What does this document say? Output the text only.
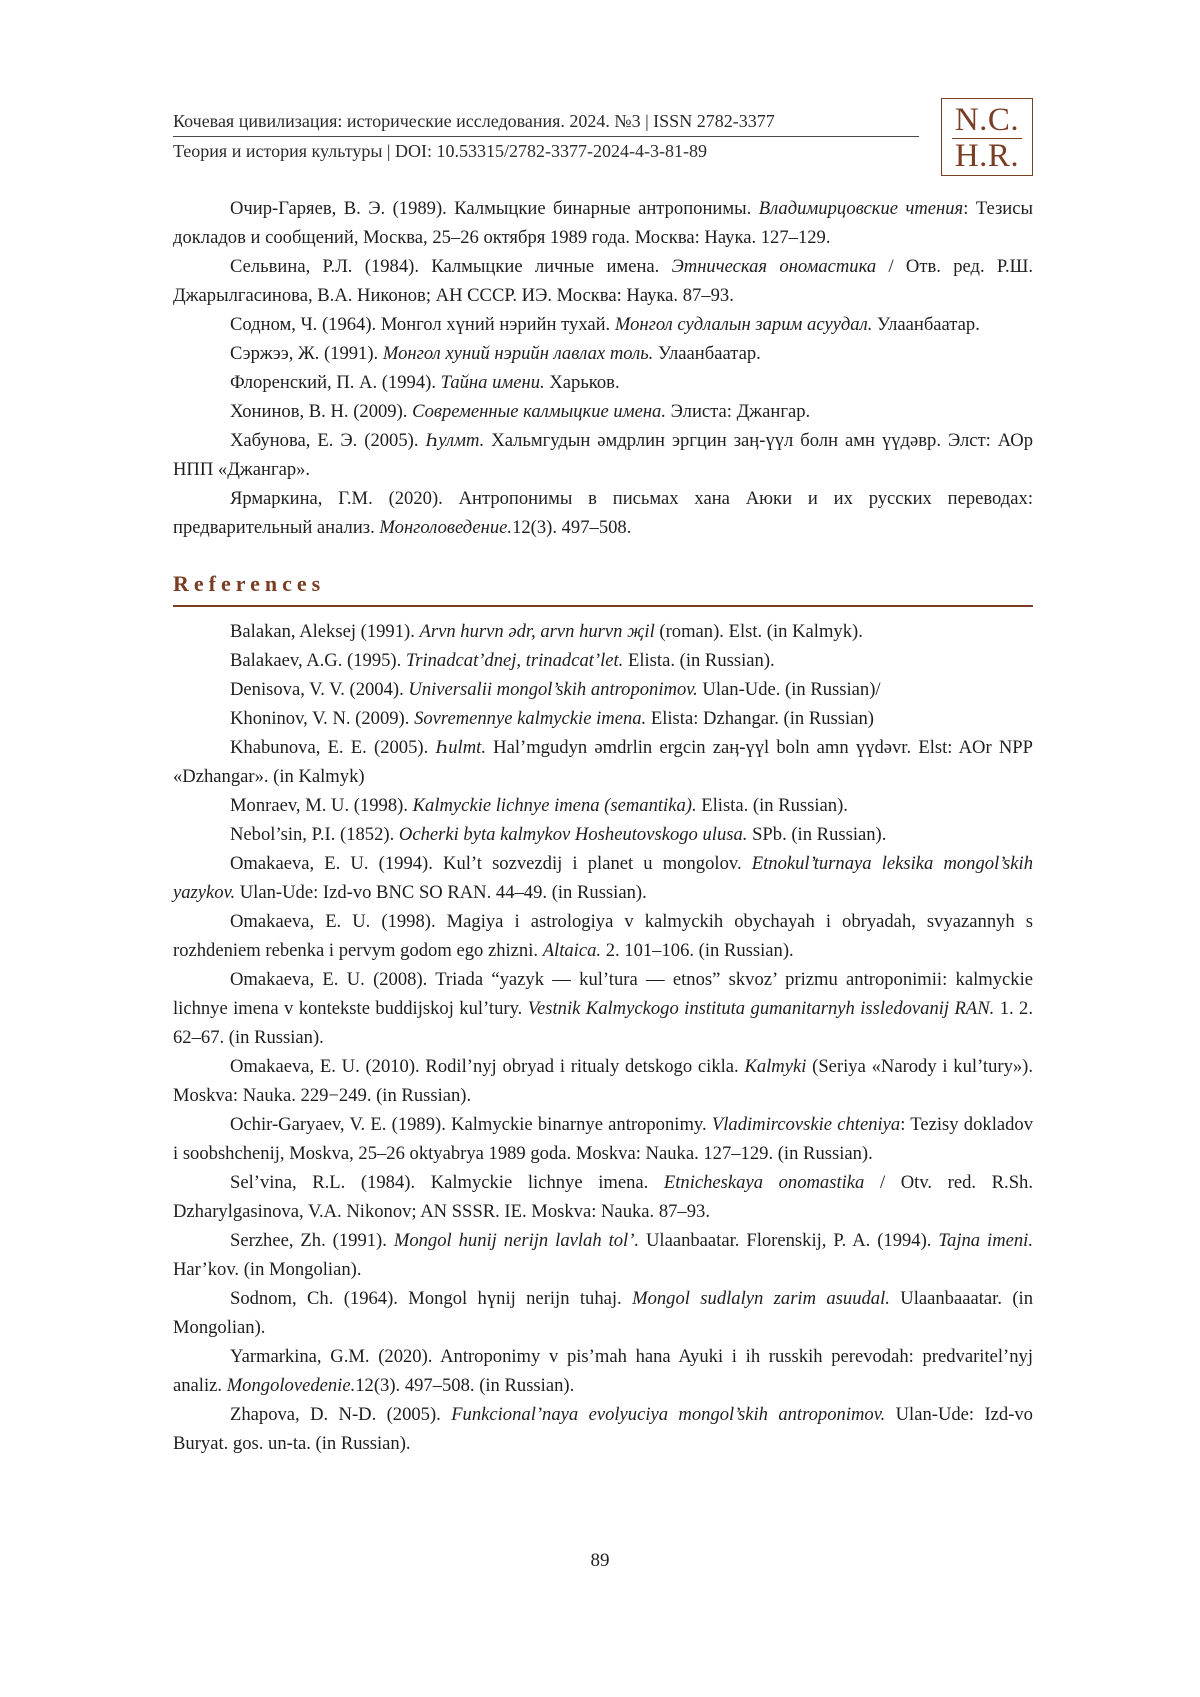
Кочевая цивилизация: исторические исследования. 2024. №3 | ISSN 2782-3377
Теория и история культуры | DOI: 10.53315/2782-3377-2024-4-3-81-89
N.C.
H.R.

Очир-Гаряев, В. Э. (1989). Калмыцкие бинарные антропонимы. Владимирцовские чтения: Тезисы докладов и сообщений, Москва, 25–26 октября 1989 года. Москва: Наука. 127–129.

Сельвина, Р.Л. (1984). Калмыцкие личные имена. Этническая ономастика / Отв. ред. Р.Ш. Джарылгасинова, В.А. Никонов; АН СССР. ИЭ. Москва: Наука. 87–93.

Содном, Ч. (1964). Монгол хүний нэрийн тухай. Монгол судлалын зарим асуудал. Улаанбаатар.

Сэржээ, Ж. (1991). Монгол хуний нэрийн лавлах толь. Улаанбаатар.

Флоренский, П. А. (1994). Тайна имени. Харьков.

Хонинов, В. Н. (2009). Современные калмыцкие имена. Элиста: Джангар.

Хабунова, Е. Э. (2005). Һулмт. Хальмгудын әмдрлин эргцин заӊ-үүл болн амн үүдәвр. Элст: АОр НПП «Джангар».

Ярмаркина, Г.М. (2020). Антропонимы в письмах хана Аюки и их русских переводах: предварительный анализ. Монголоведение.12(3). 497–508.

References

Balakan, Aleksej (1991). Arvn hurvn ədr, arvn hurvn җil (roman). Elst. (in Kalmyk).

Balakaev, A.G. (1995). Trinadcat’dnej, trinadcat’let. Elista. (in Russian).

Denisova, V. V. (2004). Universalii mongol’skih antroponimov. Ulan-Ude. (in Russian)/

Khoninov, V. N. (2009). Sovremennye kalmyckie imena. Elista: Dzhangar. (in Russian)

Khabunova, E. E. (2005). Һulmt. Hal’mgudyn əmdrlin ergcin zaӊ-үүl boln amn үүdəvr. Elst: AOr NPP «Dzhangar». (in Kalmyk)

Monraev, M. U. (1998). Kalmyckie lichnye imena (semantika). Elista. (in Russian).

Nebol’sin, P.I. (1852). Ocherki byta kalmykov Hosheutovskogo ulusa. SPb. (in Russian).

Omakaeva, E. U. (1994). Kul’t sozvezdij i planet u mongolov. Etnokul’turnaya leksika mongol’skih yazykov. Ulan-Ude: Izd-vo BNC SO RAN. 44–49. (in Russian).

Omakaeva, E. U. (1998). Magiya i astrologiya v kalmyckih obychayah i obryadah, svyazannyh s rozhdeniem rebenka i pervym godom ego zhizni. Altaica. 2. 101–106. (in Russian).

Omakaeva, E. U. (2008). Triada “yazyk — kul’tura — etnos” skvoz’ prizmu antroponimii: kalmyckie lichnye imena v kontekste buddijskoj kul’tury. Vestnik Kalmyckogo instituta gumanitarnyh issledovanij RAN. 1. 2. 62–67. (in Russian).

Omakaeva, E. U. (2010). Rodil’nyj obryad i ritualy detskogo cikla. Kalmyki (Seriya «Narody i kul’tury»). Moskva: Nauka. 229−249. (in Russian).

Ochir-Garyaev, V. E. (1989). Kalmyckie binarnye antroponimy. Vladimircovskie chteniya: Tezisy dokladov i soobshchenij, Moskva, 25–26 oktyabrya 1989 goda. Moskva: Nauka. 127–129. (in Russian).

Sel’vina, R.L. (1984). Kalmyckie lichnye imena. Etnicheskaya onomastika / Otv. red. R.Sh. Dzharylgasinova, V.A. Nikonov; AN SSSR. IE. Moskva: Nauka. 87–93.

Serzhee, Zh. (1991). Mongol hunij nerijn lavlah tol’. Ulaanbaatar. Florenskij, P. A. (1994). Tajna imeni. Har’kov. (in Mongolian).

Sodnom, Ch. (1964). Mongol hүnij nerijn tuhaj. Mongol sudlalyn zarim asuudal. Ulaanbaaatar. (in Mongolian).

Yarmarkina, G.M. (2020). Antroponimy v pis’mah hana Ayuki i ih russkih perevodah: predvaritel’nyj analiz. Mongolovedenie.12(3). 497–508. (in Russian).

Zhapova, D. N-D. (2005). Funkcional’naya evolyuciya mongol’skih antroponimov. Ulan-Ude: Izd-vo Buryat. gos. un-ta. (in Russian).

89
